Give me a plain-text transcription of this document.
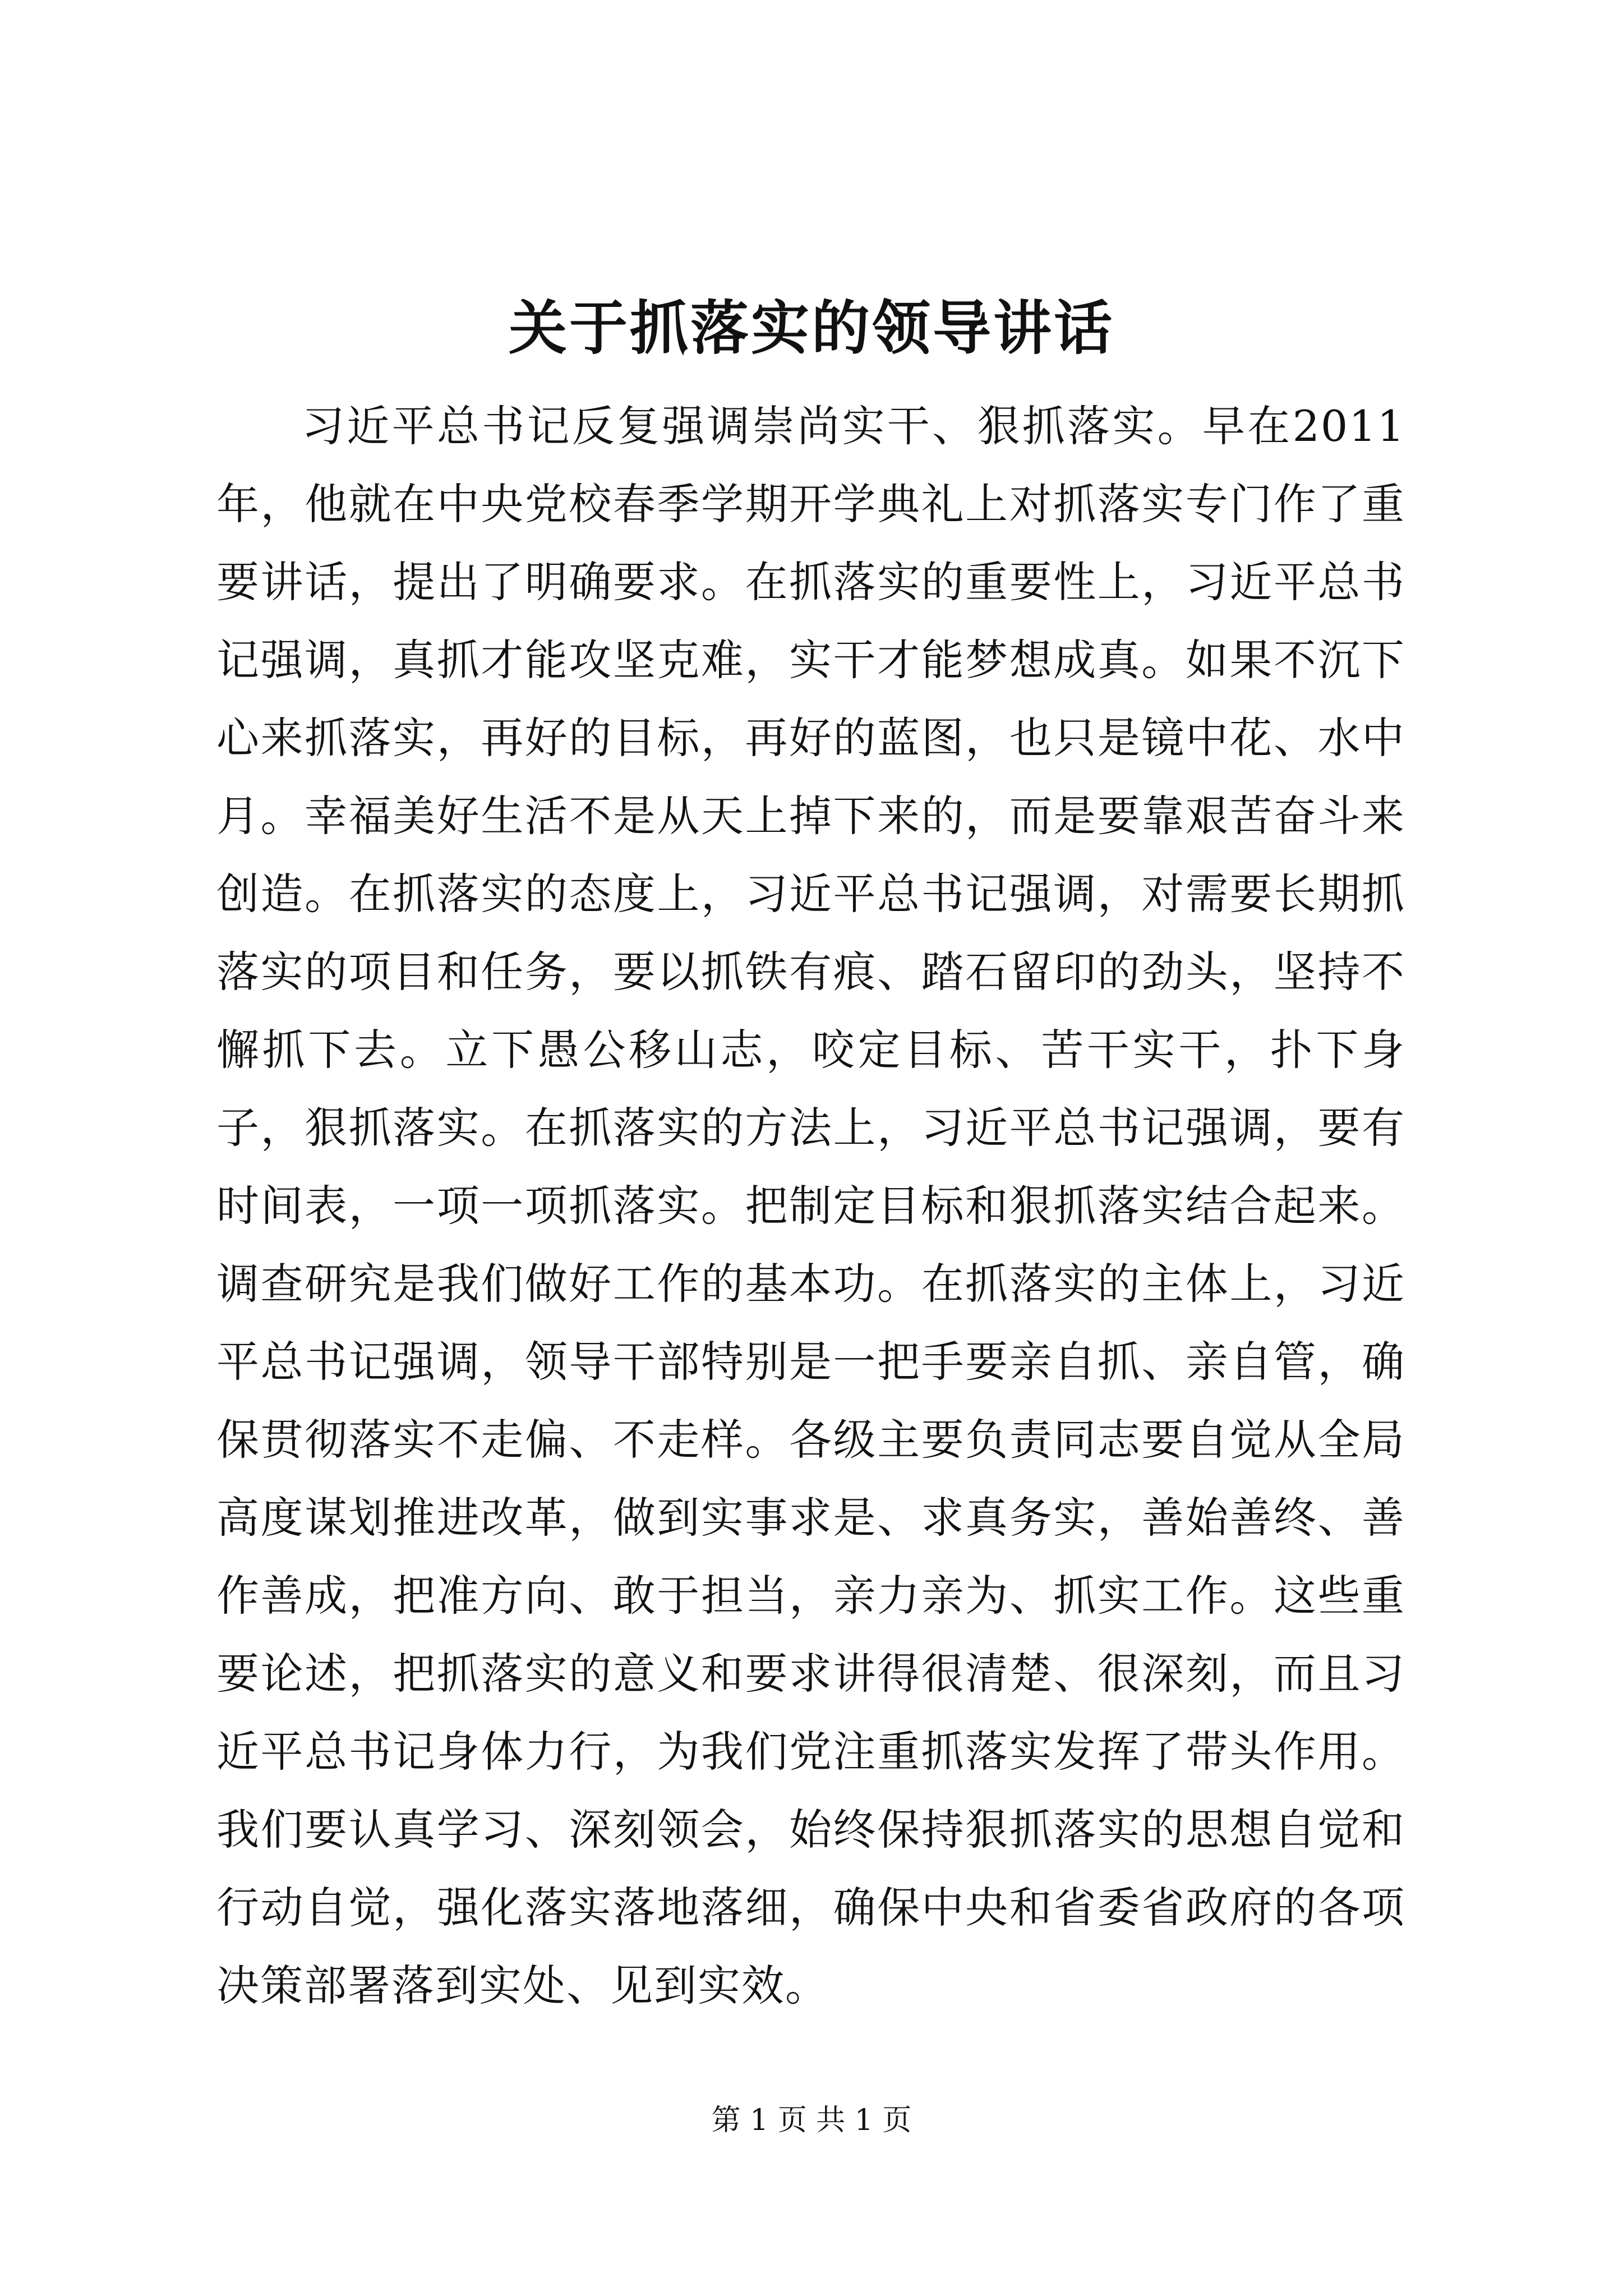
关于抓落实的领导讲话

习近平总书记反复强调崇尚实干、狠抓落实。早在2011年，他就在中央党校春季学期开学典礼上对抓落实专门作了重要讲话，提出了明确要求。在抓落实的重要性上，习近平总书记强调，真抓才能攻坚克难，实干才能梦想成真。如果不沉下心来抓落实，再好的目标，再好的蓝图，也只是镜中花、水中月。幸福美好生活不是从天上掉下来的，而是要靠艰苦奋斗来创造。在抓落实的态度上，习近平总书记强调，对需要长期抓落实的项目和任务，要以抓铁有痕、踏石留印的劲头，坚持不懈抓下去。立下愚公移山志，咬定目标、苦干实干，扑下身子，狠抓落实。在抓落实的方法上，习近平总书记强调，要有时间表，一项一项抓落实。把制定目标和狠抓落实结合起来。调查研究是我们做好工作的基本功。在抓落实的主体上，习近平总书记强调，领导干部特别是一把手要亲自抓、亲自管，确保贯彻落实不走偏、不走样。各级主要负责同志要自觉从全局高度谋划推进改革，做到实事求是、求真务实，善始善终、善作善成，把准方向、敢于担当，亲力亲为、抓实工作。这些重要论述，把抓落实的意义和要求讲得很清楚、很深刻，而且习近平总书记身体力行，为我们党注重抓落实发挥了带头作用。我们要认真学习、深刻领会，始终保持狠抓落实的思想自觉和行动自觉，强化落实落地落细，确保中央和省委省政府的各项决策部署落到实处、见到实效。

第 1 页 共 1 页
